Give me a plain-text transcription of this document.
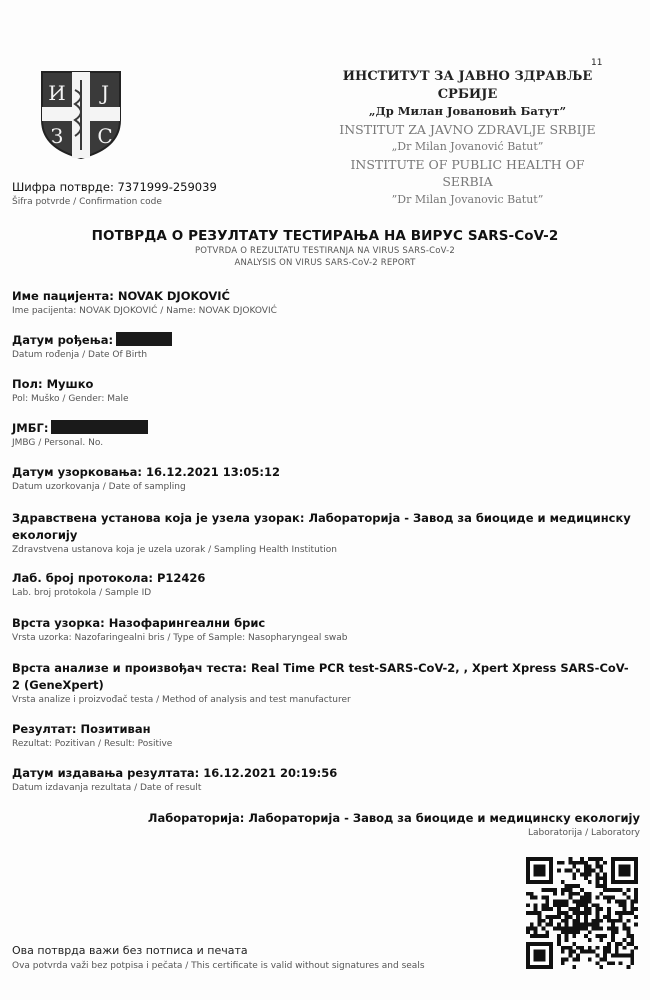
11
И J
З С
ИНСТИТУТ ЗА ЈАВНО ЗДРАВЉЕ СРБИЈЕ
„Др Милан Јовановић Батут”
INSTITUT ZA JAVNO ZDRAVLJE SRBIJE
„Dr Milan Jovanović Batut”
INSTITUTE OF PUBLIC HEALTH OF SERBIA
”Dr Milan Jovanovic Batut”
Шифра потврде: 7371999-259039
Šifra potvrde / Confirmation code
ПОТВРДА О РЕЗУЛТАТУ ТЕСТИРАЊА НА ВИРУС SARS-CoV-2
POTVRDA O REZULTATU TESTIRANJA NA VIRUS SARS-CoV-2
ANALYSIS ON VIRUS SARS-CoV-2 REPORT
Име пацијента: NOVAK DJOKOVIĆ
Ime pacijenta: NOVAK DJOKOVIĆ / Name: NOVAK DJOKOVIĆ
Датум рођења:
Datum rođenja / Date Of Birth
Пол: Мушко
Pol: Muško / Gender: Male
ЈМБГ:
JMBG / Personal. No.
Датум узорковања: 16.12.2021 13:05:12
Datum uzorkovanja / Date of sampling
Здравствена установа која је узела узорак: Лабораторија - Завод за биоциде и медицинску екологију
Zdravstvena ustanova koja je uzela uzorak / Sampling Health Institution
Лаб. број протокола: P12426
Lab. broj protokola / Sample ID
Врста узорка: Назофарингеални брис
Vrsta uzorka: Nazofaringealni bris / Type of Sample: Nasopharyngeal swab
Врста анализе и произвођач теста: Real Time PCR test-SARS-CoV-2, , Xpert Xpress SARS-CoV-2 (GeneXpert)
Vrsta analize i proizvođač testa / Method of analysis and test manufacturer
Резултат: Позитиван
Rezultat: Pozitivan / Result: Positive
Датум издавања резултата: 16.12.2021 20:19:56
Datum izdavanja rezultata / Date of result
Лабораторија: Лабораторија - Завод за биоциде и медицинску екологију
Laboratorija / Laboratory
Ова потврда важи без потписа и печата
Ova potvrda važi bez potpisa i pečata / This certificate is valid without signatures and seals
